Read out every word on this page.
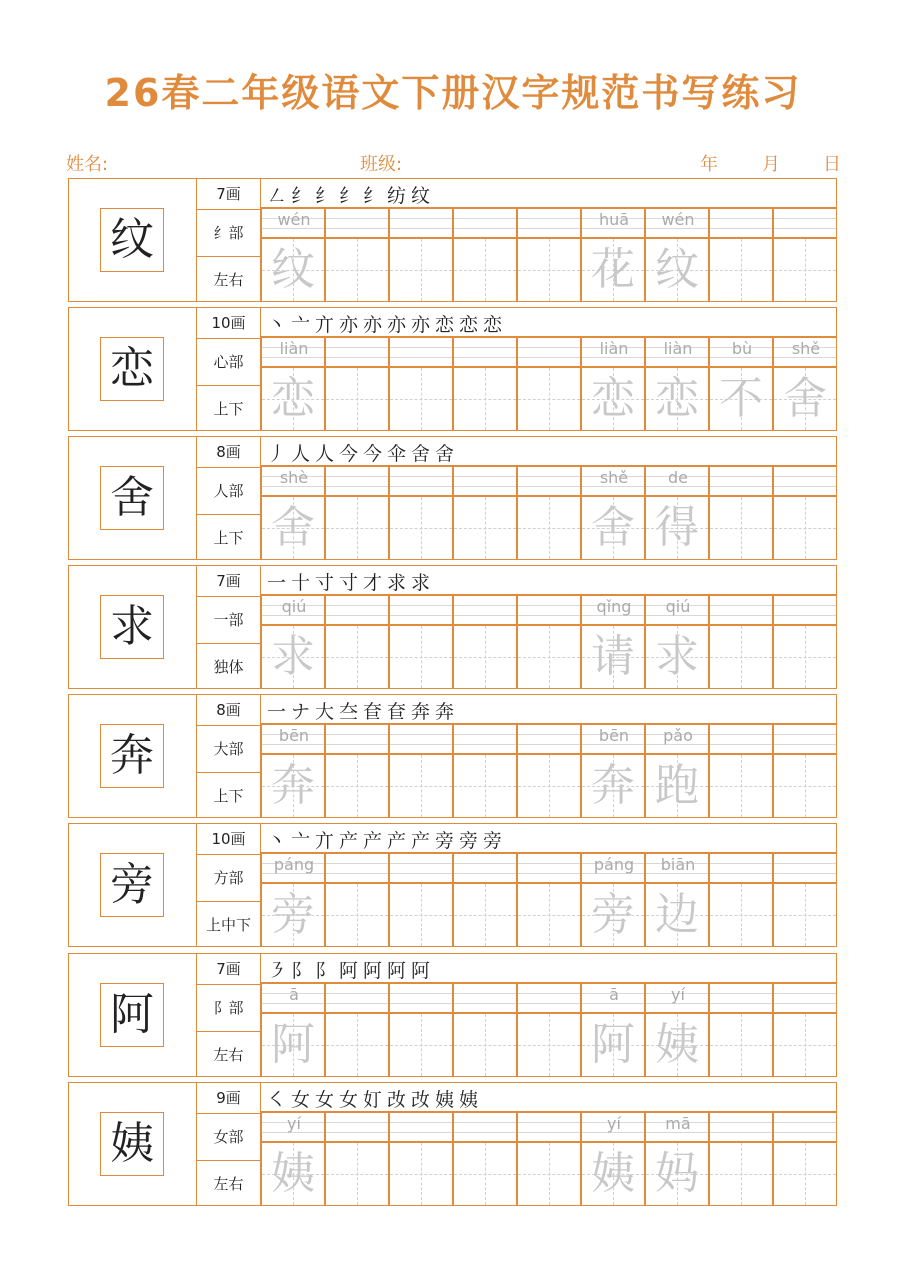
26春二年级语文下册汉字规范书写练习
姓名:	班级:	年 月 日
纹
7画
纟部
左右
㇜ 纟 纟 纟 纟 纺 纹
wén
纹
huā
花
wén
纹
恋
10画
心部
上下
丶 亠 亣 亦 亦 亦 亦 恋 恋 恋
liàn
恋
liàn
恋
liàn
恋
bù
不
shě
舍
舍
8画
人部
上下
丿 人 人 今 今 伞 舍 舍
shè
舍
shě
舍
de
得
求
7画
一部
独体
一 十 寸 寸 才 求 求
qiú
求
qǐng
请
qiú
求
奔
8画
大部
上下
一 ナ 大 夳 奆 奆 奔 奔
bēn
奔
bēn
奔
pǎo
跑
旁
10画
方部
上中下
丶 亠 亣 产 产 产 产 旁 旁 旁
páng
旁
páng
旁
biān
边
阿
7画
阝部
左右
㇋ 阝 阝 阿 阿 阿 阿
ā
阿
ā
阿
yí
姨
姨
9画
女部
左右
㇛ 女 女 女 奵 妀 妀 姨 姨
yí
姨
yí
姨
mā
妈
